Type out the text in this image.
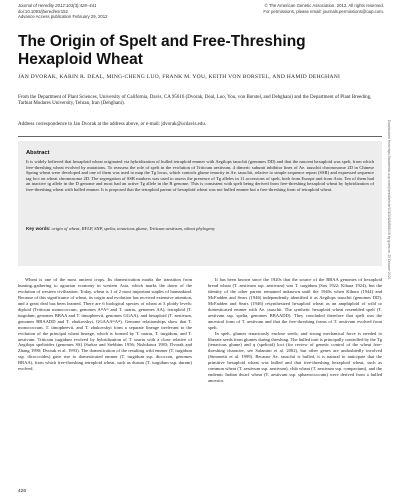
Journal of Heredity 2012:103(3):426–441
doi:10.1093/jhered/esr152
Advance Access publication February 29, 2012
© The American Genetic Association. 2012. All rights reserved.
For permissions, please email: journals.permissions@oup.com.
The Origin of Spelt and Free-Threshing Hexaploid Wheat
JAN DVORAK, KARIN R. DEAL, MING-CHENG LUO, FRANK M. YOU, KEITH VON BORSTEL, AND HAMID DEHGHANI
From the Department of Plant Sciences, University of California, Davis, CA 95616 (Dvorak, Deal, Luo, You, von Borstel, and Dehghani) and the Department of Plant Breeding, Tarbiat Modares University, Tehran, Iran (Dehghani).
Address correspondence to Jan Dvorak at the address above, or e-mail: jdvorak@ucdavis.edu.
Abstract
It is widely believed that hexaploid wheat originated via hybridization of hulled tetraploid emmer with Aegilops tauschii (genomes DD) and that the nascent hexaploid was spelt, from which free-threshing wheat evolved by mutations. To reassess the role of spelt in the evolution of Triticum aestivum, 4 dimeric subunit inhibitor lines of Ae. tauschii chromosome 2D in Chinese Spring wheat were developed and one of them was used to map the Tg locus, which controls glume tenacity in Ae. tauschii, relative to simple sequence repeat (SSR) and expressed sequence tag loci on wheat chromosome 2D. The segregation of SSR markers was used to assess the presence of Tg alleles in 11 accessions of spelt, both from Europe and from Asia. Ten of them had an inactive tg allele in the D genome and most had an active Tg allele in the B genome. This is consistent with spelt being derived from free-threshing hexaploid wheat by hybridization of free-threshing wheat with hulled emmer. It is proposed that the tetraploid parent of hexaploid wheat was not hulled emmer but a free-threshing form of tetraploid wheat.
Key words: origin of wheat, RFLP, SNP, spelta, tenacious glume, Triticum aestivum, wheat phylogeny

Wheat is one of the most ancient crops. Its domestication marks the transition from hunting–gathering to agrarian economy in western Asia, which marks the dawn of the evolution of western civilization. Today, wheat is 1 of 2 most important staples of humankind. Because of this significance of wheat, its origin and evolution has received extensive attention, and a great deal has been learned. There are 6 biological species of wheat at 3 ploidy levels: diploid (Triticum monococcum, genomes AᵐAᵐ and T. urartu, genomes AA), tetraploid (T. turgidum, genomes BBAA and T. timopheevii, genomes GGAA), and hexaploid (T. aestivum, genomes BBAADD and T. zhukovskyi, GGAAAᵐAᵐ). Genome relationships show that T. monococcum, T. timopheevii, and T. zhukovskyi form a separate lineage irrelevant to the evolution of the principal wheat lineage, which is formed by T. urartu, T. turgidum, and T. aestivum. Triticum turgidum evolved by hybridization of T. urartu with a close relative of Aegilops speltoides (genomes SS) (Sarkar and Stebbins 1956; Nishikawa 1983; Dvorak and Zhang 1990; Dvorak et al. 1993). The domestication of the resulting wild emmer (T. turgidum ssp. dicoccoides) gave rise to domesticated emmer (T. turgidum ssp. dicoccon, genomes BBAA), from which free-threshing tetraploid wheat, such as durum (T. turgidum ssp. durum) evolved.

It has been known since the 1920s that the source of the BBAA genomes of hexaploid bread wheat (T. aestivum ssp. aestivum) was T. turgidum (Sax 1922; Kihara 1924), but the identity of the other parent remained unknown until the 1940s when Kihara (1944) and McFadden and Sears (1946) independently identified it as Aegilops tauschii (genomes DD). McFadden and Sears (1946) resynthesized hexaploid wheat as an amphiploid of wild or domesticated emmer with Ae. tauschii. The synthetic hexaploid wheat resembled spelt (T. aestivum ssp. spelta, genomes BBAADD). They concluded therefore that spelt was the ancestral form of T. aestivum and that the free-threshing forms of T. aestivum evolved from spelt.

In spelt, glumes tenaciously enclose seeds, and strong mechanical force is needed to liberate seeds from glumes during threshing. The hulled trait is principally controlled by the Tg (tenacious glume) and q (speltoid) loci (for review of genetic control of the wheat free-threshing character, see Salamini et al. 2002), but other genes are undoubtedly involved (Simonetti et al. 1999). Because Ae. tauschii is hulled, it is natural to anticipate that the primitive hexaploid wheat was hulled and that free-threshing hexaploid wheat, such as common wheat (T. aestivum ssp. aestivum), club wheat (T. aestivum ssp. compactum), and the endemic Indian dwarf wheat (T. aestivum ssp. sphaerococcum) were derived from a hulled ancestor.

Downloaded from https://academic.oup.com/jhered/article/103/3/426/858008 by guest on 25 October 2021
426
